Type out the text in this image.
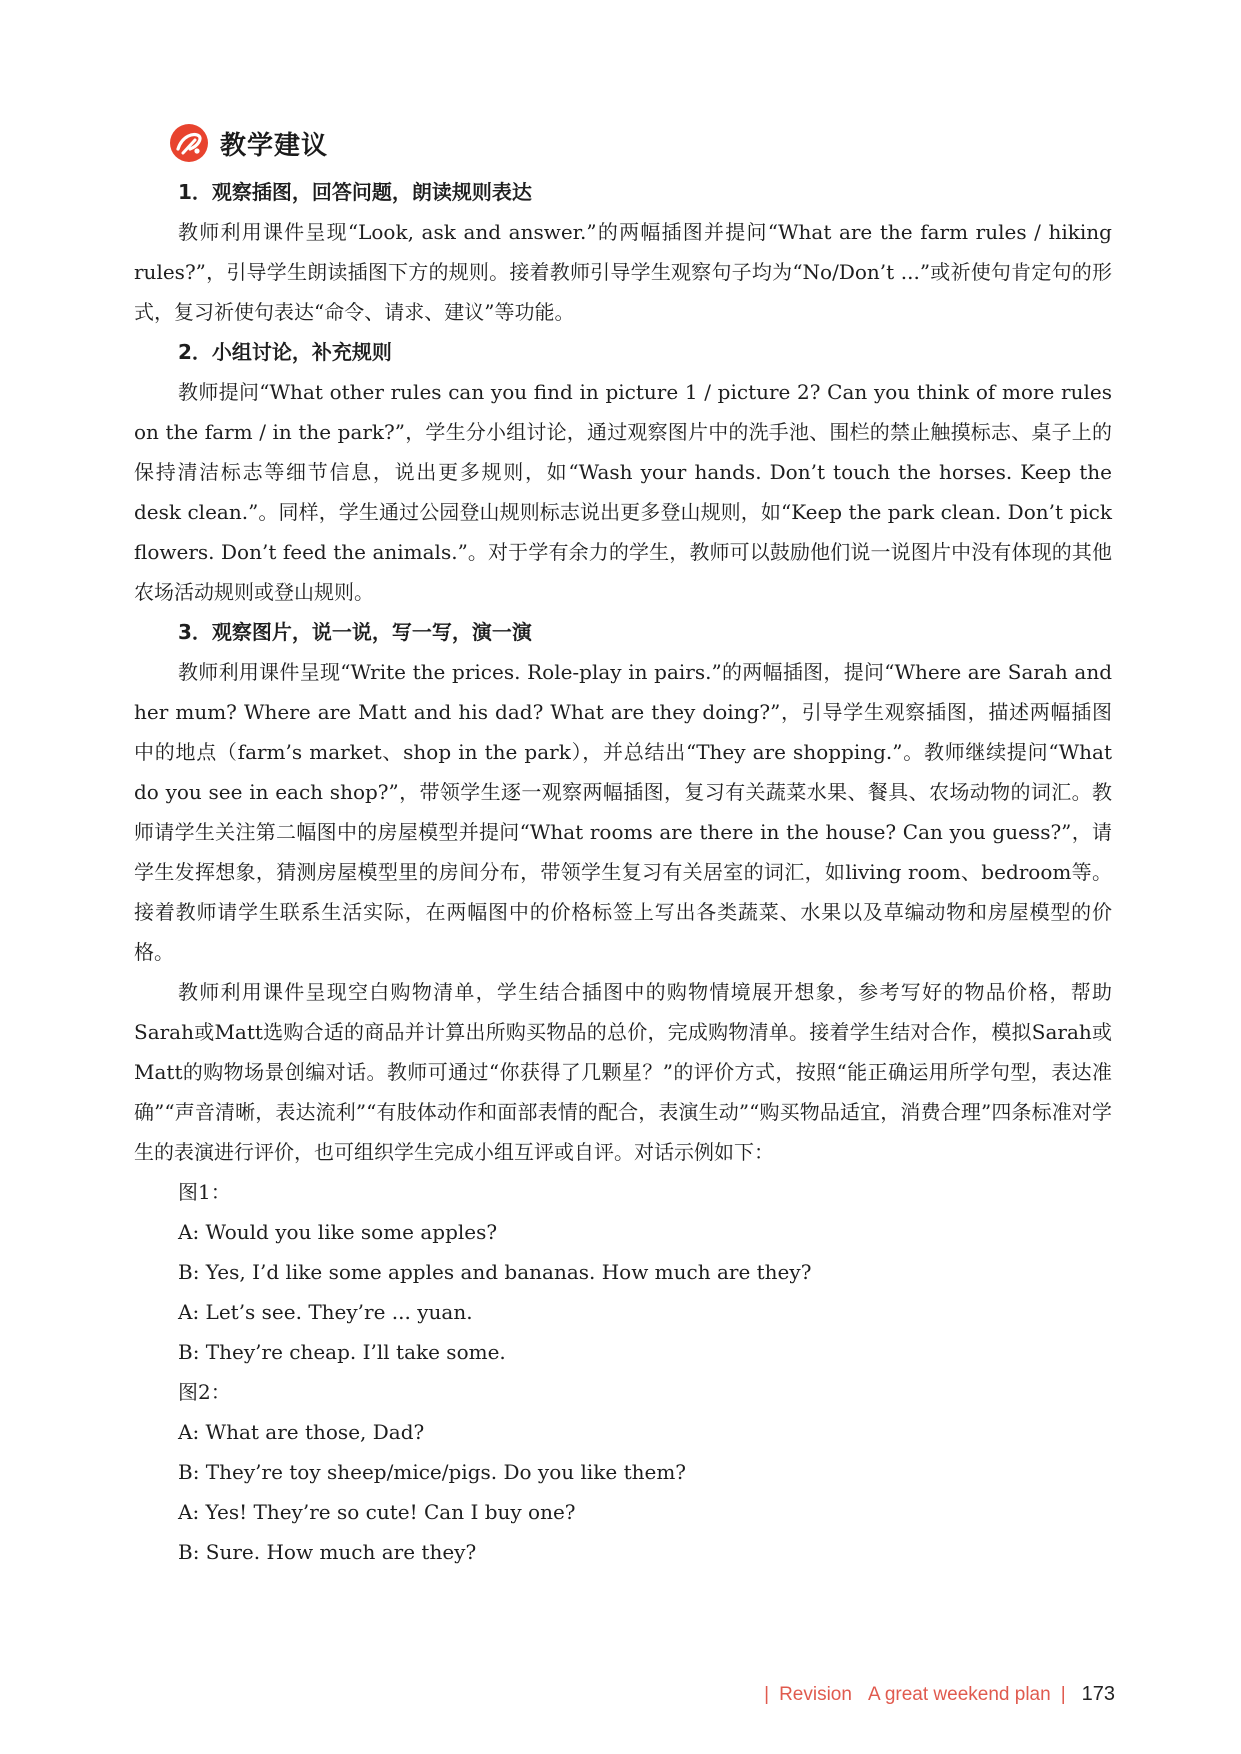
教学建议
1．观察插图，回答问题，朗读规则表达

教师利用课件呈现“Look, ask and answer.”的两幅插图并提问“What are the farm rules / hiking rules?”，引导学生朗读插图下方的规则。接着教师引导学生观察句子均为“No/Don’t ...”或祈使句肯定句的形式，复习祈使句表达“命令、请求、建议”等功能。

2．小组讨论，补充规则

教师提问“What other rules can you find in picture 1 / picture 2? Can you think of more rules on the farm / in the park?”，学生分小组讨论，通过观察图片中的洗手池、围栏的禁止触摸标志、桌子上的保持清洁标志等细节信息，说出更多规则，如“Wash your hands. Don’t touch the horses. Keep the desk clean.”。同样，学生通过公园登山规则标志说出更多登山规则，如“Keep the park clean. Don’t pick flowers. Don’t feed the animals.”。对于学有余力的学生，教师可以鼓励他们说一说图片中没有体现的其他农场活动规则或登山规则。

3．观察图片，说一说，写一写，演一演

教师利用课件呈现“Write the prices. Role-play in pairs.”的两幅插图，提问“Where are Sarah and her mum? Where are Matt and his dad? What are they doing?”，引导学生观察插图，描述两幅插图中的地点（farm’s market、shop in the park），并总结出“They are shopping.”。教师继续提问“What do you see in each shop?”，带领学生逐一观察两幅插图，复习有关蔬菜水果、餐具、农场动物的词汇。教师请学生关注第二幅图中的房屋模型并提问“What rooms are there in the house? Can you guess?”，请学生发挥想象，猜测房屋模型里的房间分布，带领学生复习有关居室的词汇，如living room、bedroom等。接着教师请学生联系生活实际，在两幅图中的价格标签上写出各类蔬菜、水果以及草编动物和房屋模型的价格。

教师利用课件呈现空白购物清单，学生结合插图中的购物情境展开想象，参考写好的物品价格，帮助Sarah或Matt选购合适的商品并计算出所购买物品的总价，完成购物清单。接着学生结对合作，模拟Sarah或Matt的购物场景创编对话。教师可通过“你获得了几颗星？”的评价方式，按照“能正确运用所学句型，表达准确”“声音清晰，表达流利”“有肢体动作和面部表情的配合，表演生动”“购买物品适宜，消费合理”四条标准对学生的表演进行评价，也可组织学生完成小组互评或自评。对话示例如下：

图1：

A: Would you like some apples?

B: Yes, I’d like some apples and bananas. How much are they?

A: Let’s see. They’re ... yuan.

B: They’re cheap. I’ll take some.

图2：

A: What are those, Dad?

B: They’re toy sheep/mice/pigs. Do you like them?

A: Yes! They’re so cute! Can I buy one?

B: Sure. How much are they?

| Revision A great weekend plan | 173
